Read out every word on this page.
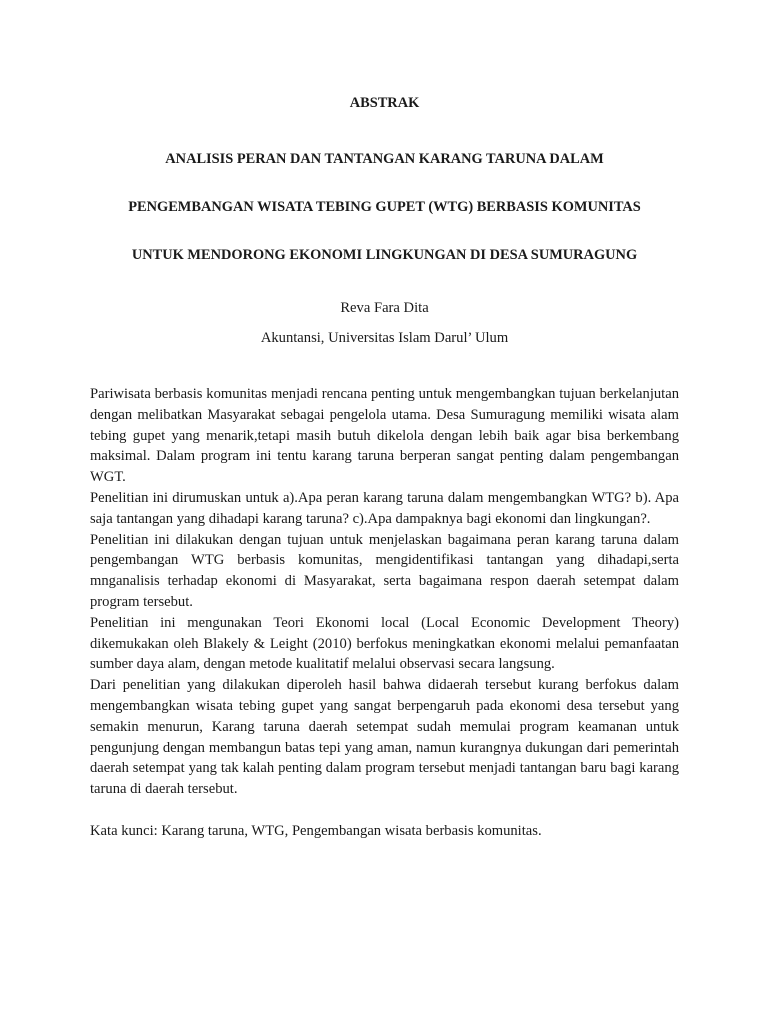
ABSTRAK

ANALISIS PERAN DAN TANTANGAN KARANG TARUNA DALAM

PENGEMBANGAN WISATA TEBING GUPET (WTG) BERBASIS KOMUNITAS

UNTUK MENDORONG EKONOMI LINGKUNGAN DI DESA SUMURAGUNG

Reva Fara Dita

Akuntansi, Universitas Islam Darul’ Ulum

Pariwisata berbasis komunitas menjadi rencana penting untuk mengembangkan tujuan berkelanjutan dengan melibatkan Masyarakat sebagai pengelola utama. Desa Sumuragung memiliki wisata alam tebing gupet yang menarik,tetapi masih butuh dikelola dengan lebih baik agar bisa berkembang maksimal. Dalam program ini tentu karang taruna berperan sangat penting dalam pengembangan WGT.

Penelitian ini dirumuskan untuk a).Apa peran karang taruna dalam mengembangkan WTG? b). Apa saja tantangan yang dihadapi karang taruna? c).Apa dampaknya bagi ekonomi dan lingkungan?.

Penelitian ini dilakukan dengan tujuan untuk menjelaskan bagaimana peran karang taruna dalam pengembangan WTG berbasis komunitas, mengidentifikasi tantangan yang dihadapi,serta mnganalisis terhadap ekonomi di Masyarakat, serta bagaimana respon daerah setempat dalam program tersebut.

Penelitian ini mengunakan Teori Ekonomi local (Local Economic Development Theory) dikemukakan oleh Blakely & Leight (2010) berfokus meningkatkan ekonomi melalui pemanfaatan sumber daya alam, dengan metode kualitatif melalui observasi secara langsung.

Dari penelitian yang dilakukan diperoleh hasil bahwa didaerah tersebut kurang berfokus dalam mengembangkan wisata tebing gupet yang sangat berpengaruh pada ekonomi desa tersebut yang semakin menurun, Karang taruna daerah setempat sudah memulai program keamanan untuk pengunjung dengan membangun batas tepi yang aman, namun kurangnya dukungan dari pemerintah daerah setempat yang tak kalah penting dalam program tersebut menjadi tantangan baru bagi karang taruna di daerah tersebut.

Kata kunci: Karang taruna, WTG, Pengembangan wisata berbasis komunitas.
